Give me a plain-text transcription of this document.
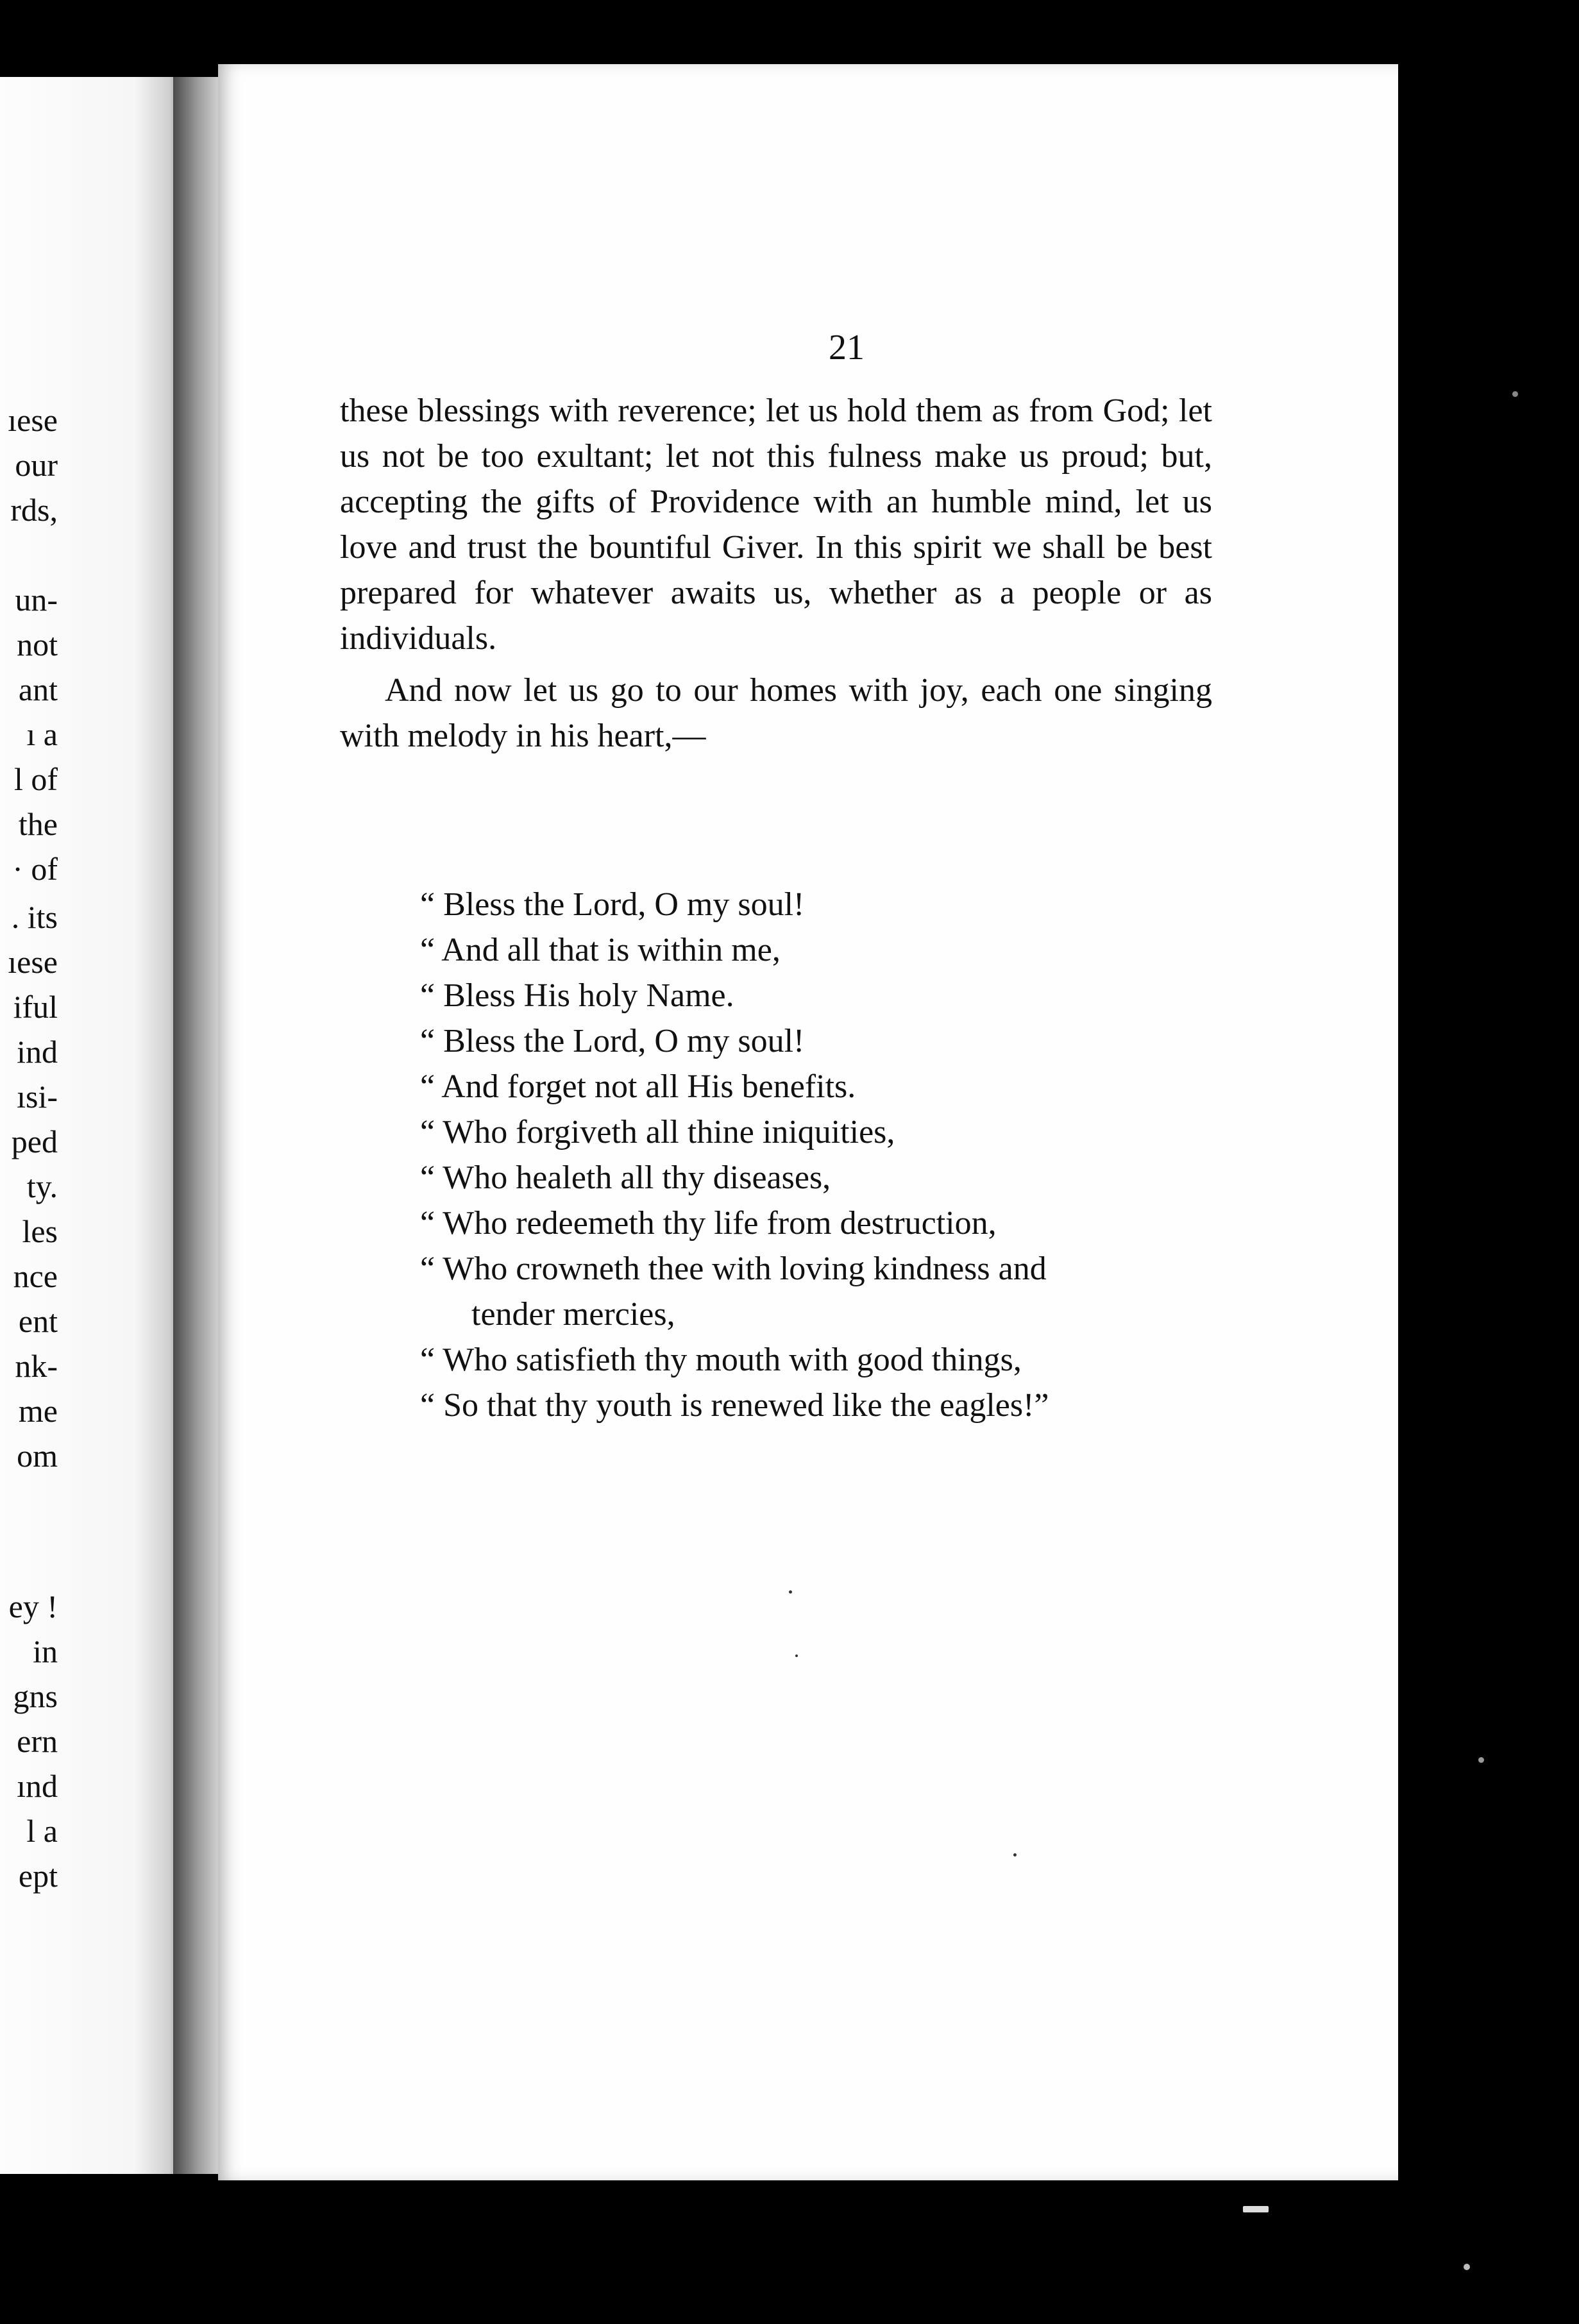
ıese
our
rds,
un-
not
ant
ı a
l of
the
· of
. its
ıese
iful
ind
ısi-
ped
ty.
les
nce
ent
nk-
me
om
ey !
in
gns
ern
ınd
l a
ept
21

these blessings with reverence; let us hold them as from God; let us not be too exultant; let not this fulness make us proud; but, accepting the gifts of Providence with an humble mind, let us love and trust the bountiful Giver. In this spirit we shall be best prepared for whatever awaits us, whether as a people or as individuals.

And now let us go to our homes with joy, each one singing with melody in his heart,—

“ Bless the Lord, O my soul!
“ And all that is within me,
“ Bless His holy Name.
“ Bless the Lord, O my soul!
“ And forget not all His benefits.
“ Who forgiveth all thine iniquities,
“ Who healeth all thy diseases,
“ Who redeemeth thy life from destruction,
“ Who crowneth thee with loving kindness and
tender mercies,
“ Who satisfieth thy mouth with good things,
“ So that thy youth is renewed like the eagles!”
